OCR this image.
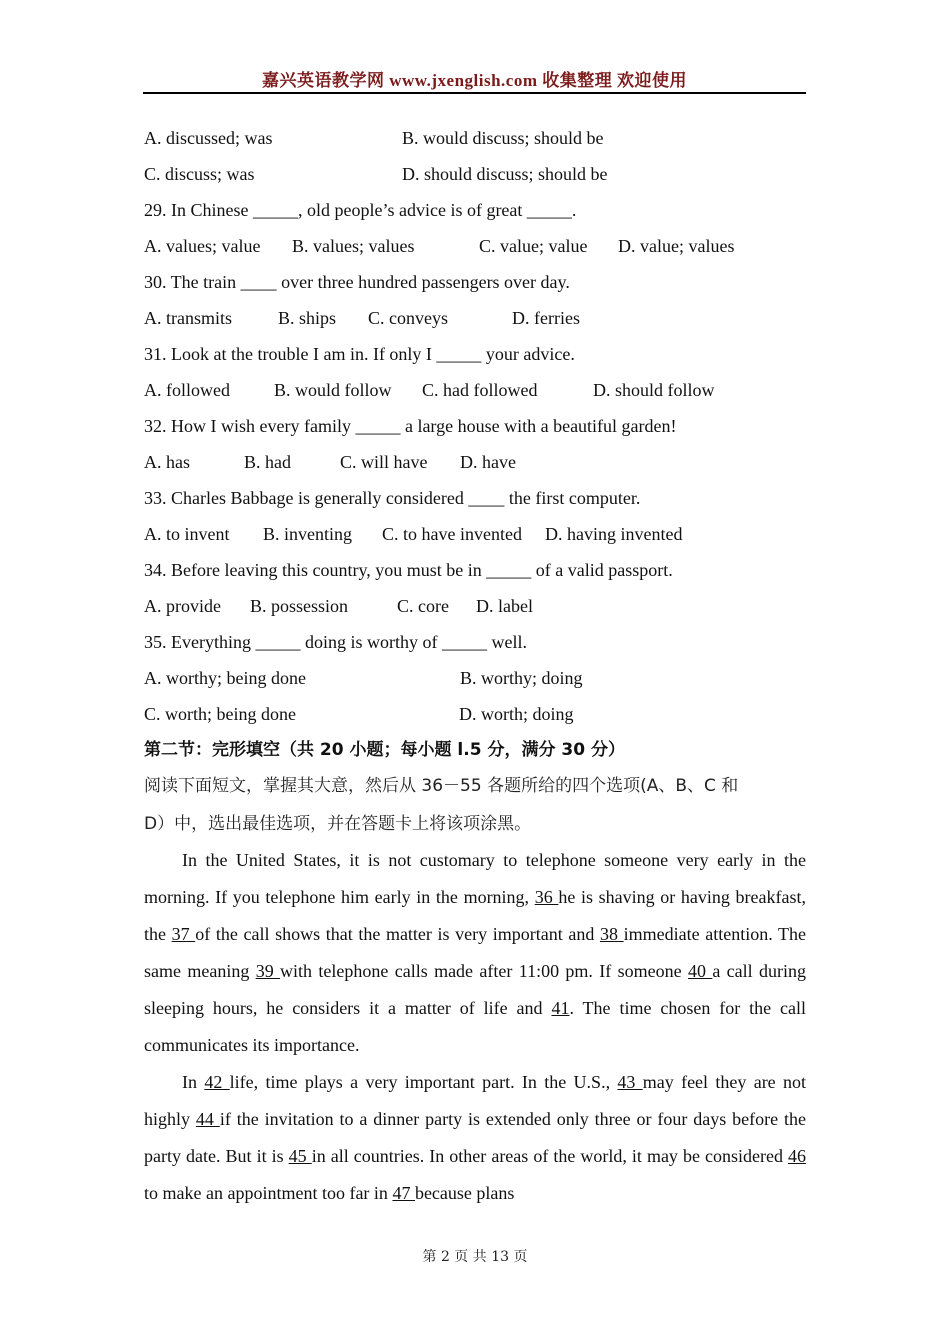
嘉兴英语教学网 www.jxenglish.com 收集整理 欢迎使用
A. discussed; was	B. would discuss; should be
C. discuss; was	D. should discuss; should be
29. In Chinese _____, old people’s advice is of great _____.
A. values; value B. values; values	C. value; value D. value; values
30. The train ____ over three hundred passengers over day.
A. transmits	B. ships C. conveys	D. ferries
31. Look at the trouble I am in. If only I _____ your advice.
A. followed B. would follow C. had followed	D. should follow
32. How I wish every family _____ a large house with a beautiful garden!
A. has	B. had	C. will have D. have
33. Charles Babbage is generally considered ____ the first computer.
A. to invent B. inventing C. to have invented D. having invented
34. Before leaving this country, you must be in _____ of a valid passport.
A. provide B. possession	C. core D. label
35. Everything _____ doing is worthy of _____ well.
A. worthy; being done	B. worthy; doing
C. worth; being done	D. worth; doing
第二节：完形填空（共 20 小题；每小题 l.5 分，满分 30 分）
阅读下面短文，掌握其大意，然后从 36－55 各题所给的四个选项(A、B、C 和
D）中，选出最佳选项，并在答题卡上将该项涂黑。

In the United States, it is not customary to telephone someone very early in the morning. If you telephone him early in the morning, 36 he is shaving or having breakfast, the 37 of the call shows that the matter is very important and 38 immediate attention. The same meaning 39 with telephone calls made after 11:00 pm. If someone 40 a call during sleeping hours, he considers it a matter of life and 41. The time chosen for the call communicates its importance.

In 42 life, time plays a very important part. In the U.S., 43 may feel they are not highly 44 if the invitation to a dinner party is extended only three or four days before the party date. But it is 45 in all countries. In other areas of the world, it may be considered 46 to make an appointment too far in 47 because plans

第 2 页 共 13 页
